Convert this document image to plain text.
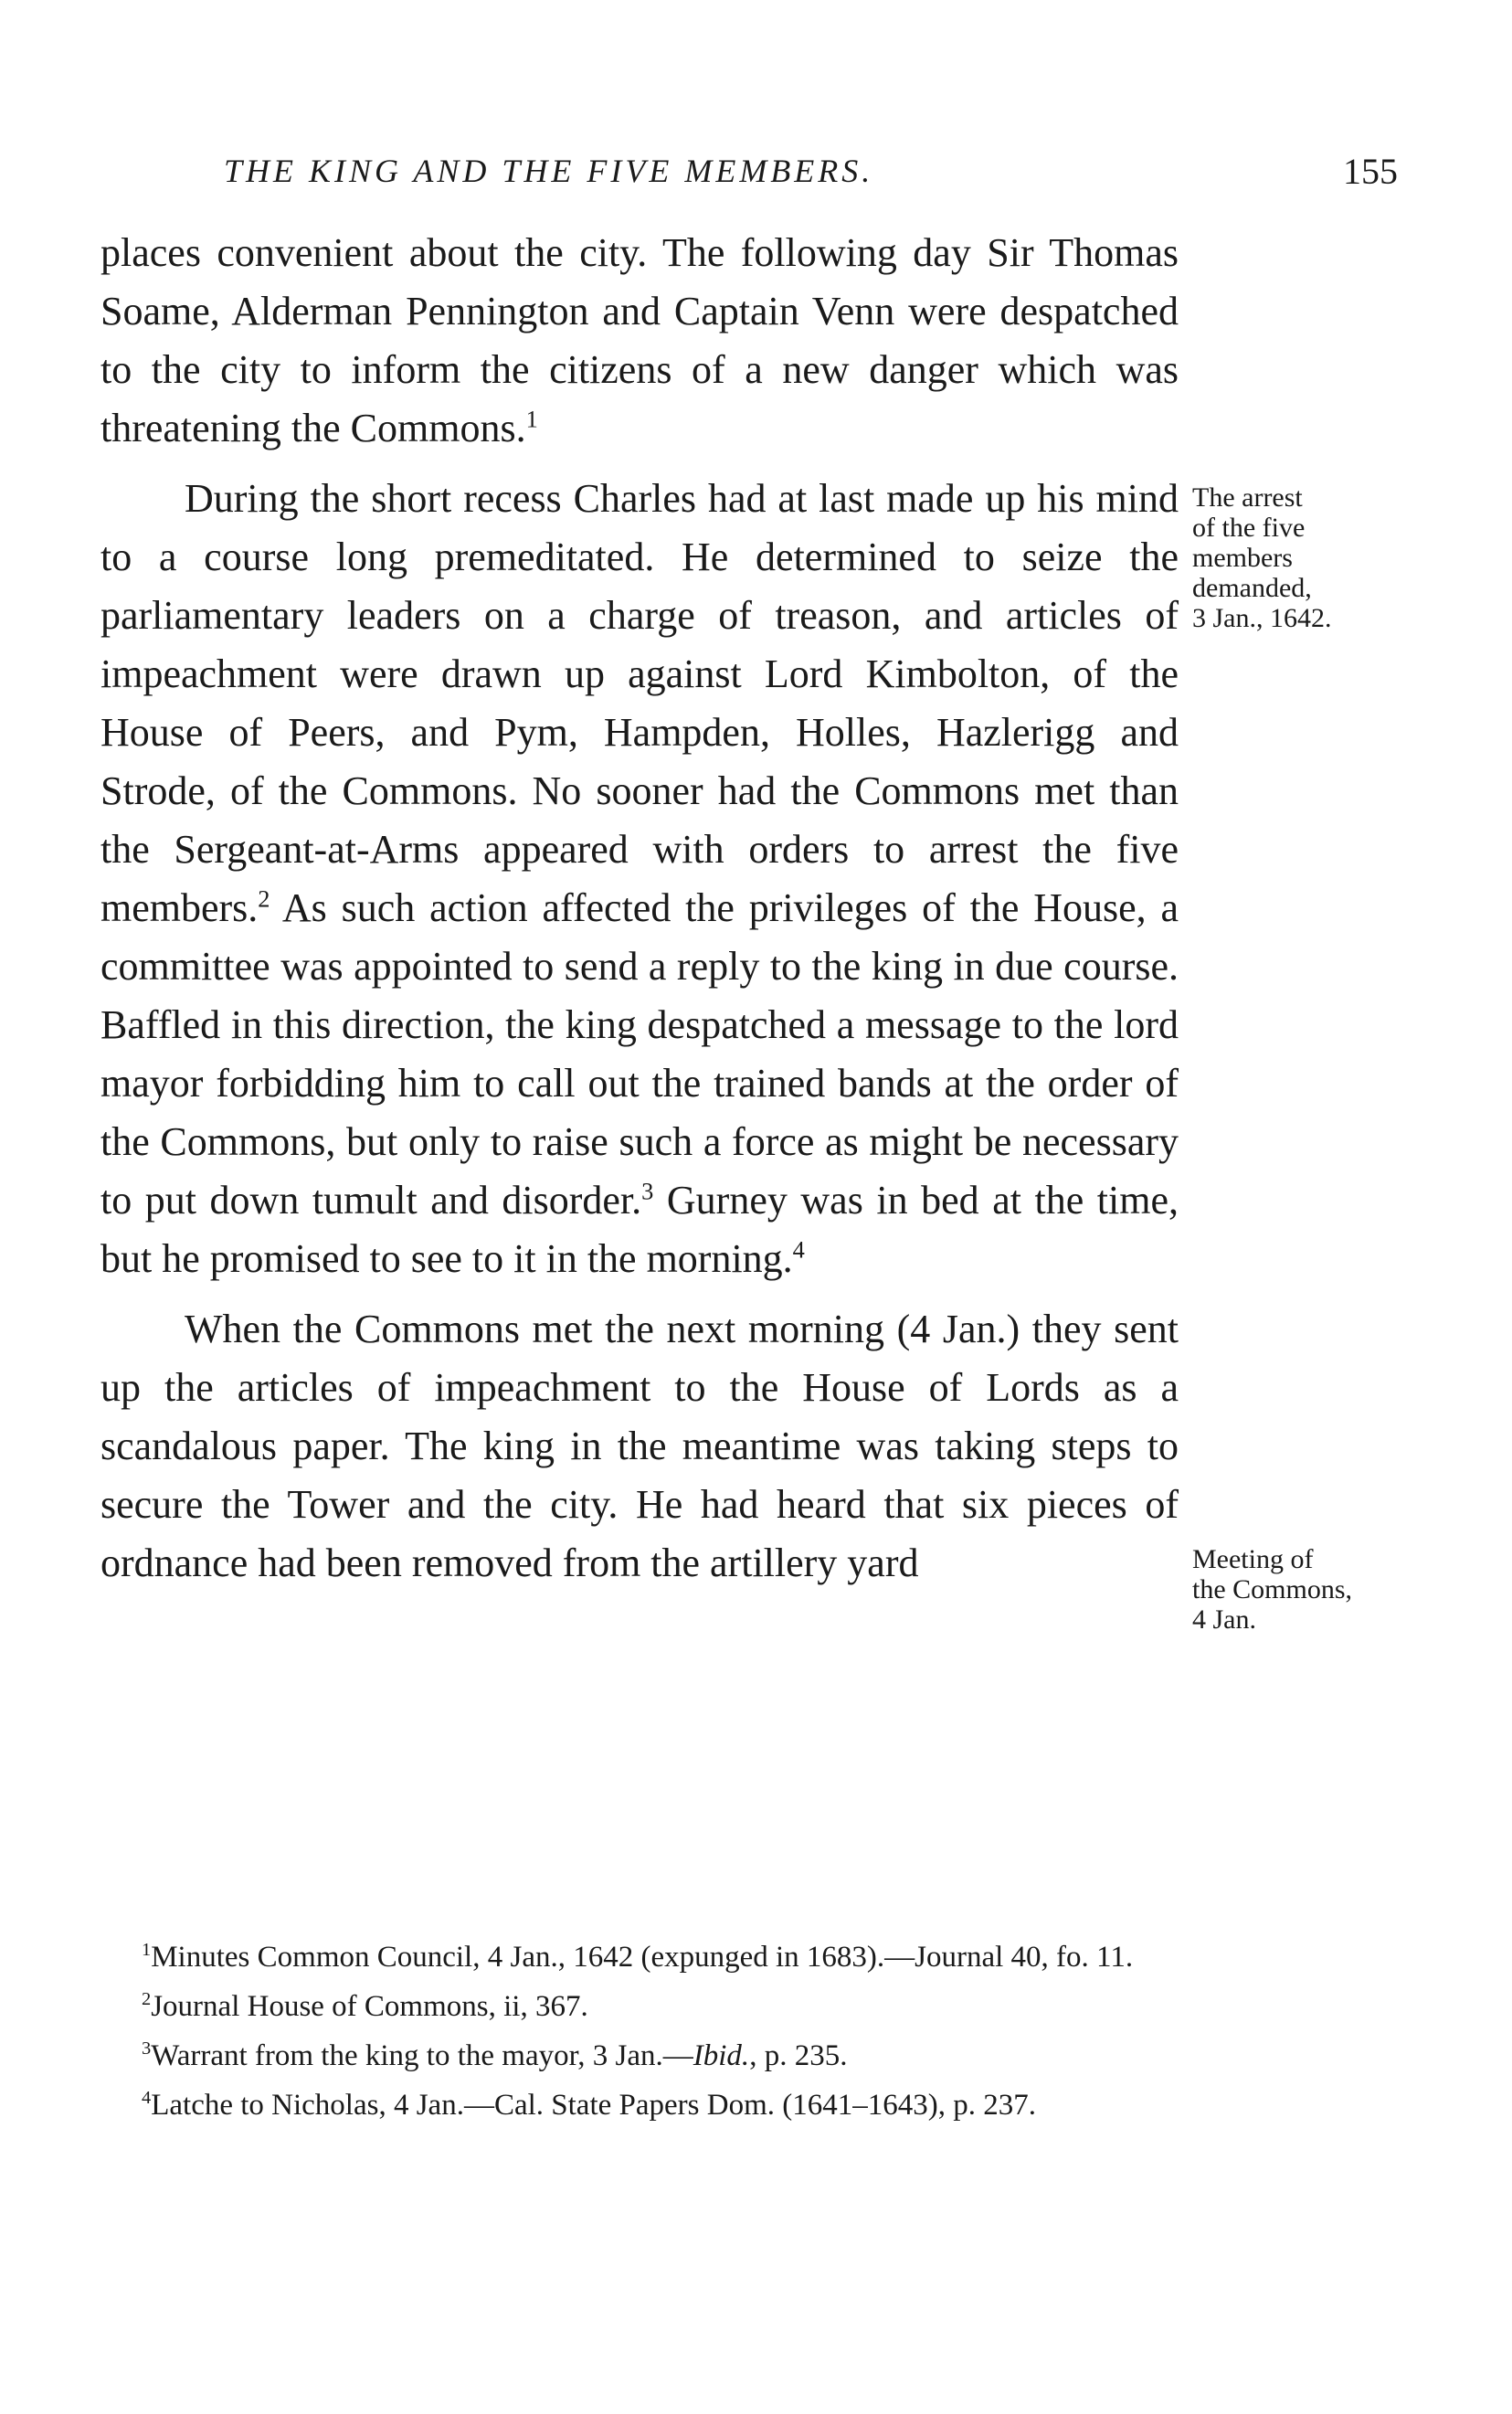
THE KING AND THE FIVE MEMBERS.	155

places convenient about the city. The following day Sir Thomas Soame, Alderman Pennington and Captain Venn were despatched to the city to inform the citizens of a new danger which was threatening the Commons.$^1$

During the short recess Charles had at last made up his mind to a course long premeditated. He determined to seize the parliamentary leaders on a charge of treason, and articles of impeachment were drawn up against Lord Kimbolton, of the House of Peers, and Pym, Hampden, Holles, Hazlerigg and Strode, of the Commons. No sooner had the Commons met than the Sergeant-at-Arms appeared with orders to arrest the five members.$^2$ As such action affected the privileges of the House, a committee was appointed to send a reply to the king in due course. Baffled in this direction, the king despatched a message to the lord mayor forbidding him to call out the trained bands at the order of the Commons, but only to raise such a force as might be necessary to put down tumult and disorder.$^3$ Gurney was in bed at the time, but he promised to see to it in the morning.$^4$

When the Commons met the next morning (4 Jan.) they sent up the articles of impeachment to the House of Lords as a scandalous paper. The king in the meantime was taking steps to secure the Tower and the city. He had heard that six pieces of ordnance had been removed from the artillery yard

The arrest
of the five
members
demanded,
3 Jan., 1642.
Meeting of
the Commons,
4 Jan.

$^1$Minutes Common Council, 4 Jan., 1642 (expunged in 1683).—Journal 40, fo. 11.

$^2$Journal House of Commons, ii, 367.

$^3$Warrant from the king to the mayor, 3 Jan.—Ibid., p. 235.

$^4$Latche to Nicholas, 4 Jan.—Cal. State Papers Dom. (1641–1643), p. 237.
